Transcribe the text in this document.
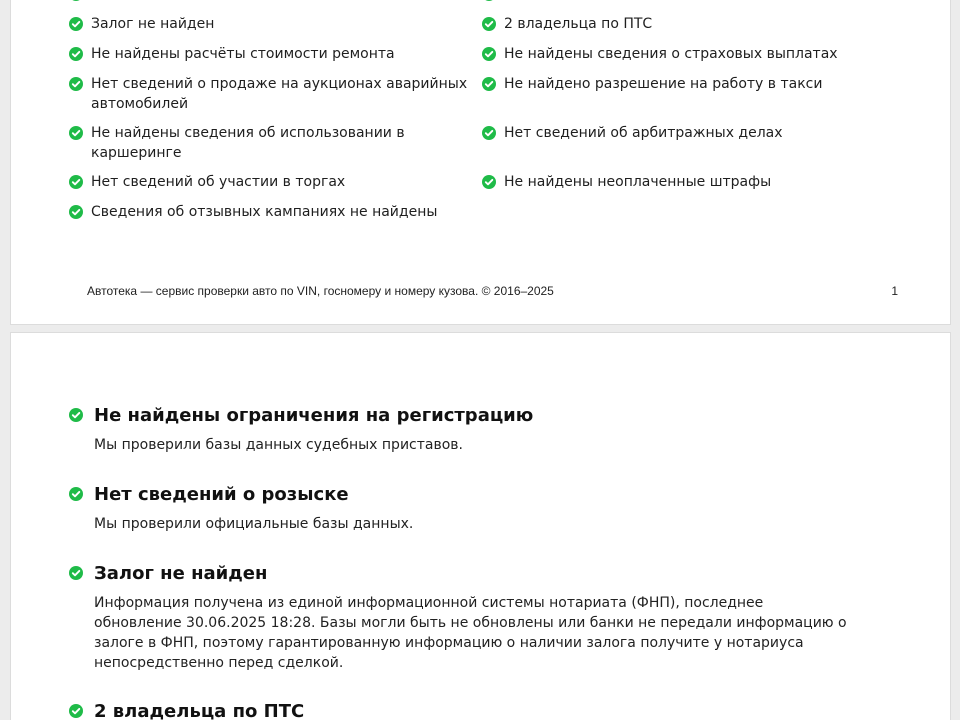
Залог не найден
Не найдены расчёты стоимости ремонта
Нет сведений о продаже на аукционах аварийных автомобилей
Не найдены сведения об использовании в каршеринге
Нет сведений об участии в торгах
Сведения об отзывных кампаниях не найдены
2 владельца по ПТС
Не найдены сведения о страховых выплатах
Не найдено разрешение на работу в такси
Нет сведений об арбитражных делах
Не найдены неоплаченные штрафы
Автотека — сервис проверки авто по VIN, госномеру и номеру кузова. © 2016–2025	1
Не найдены ограничения на регистрацию
Мы проверили базы данных судебных приставов.
Нет сведений о розыске
Мы проверили официальные базы данных.
Залог не найден
Информация получена из единой информационной системы нотариата (ФНП), последнее обновление 30.06.2025 18:28. Базы могли быть не обновлены или банки не передали информацию о залоге в ФНП, поэтому гарантированную информацию о наличии залога получите у нотариуса непосредственно перед сделкой.
2 владельца по ПТС
